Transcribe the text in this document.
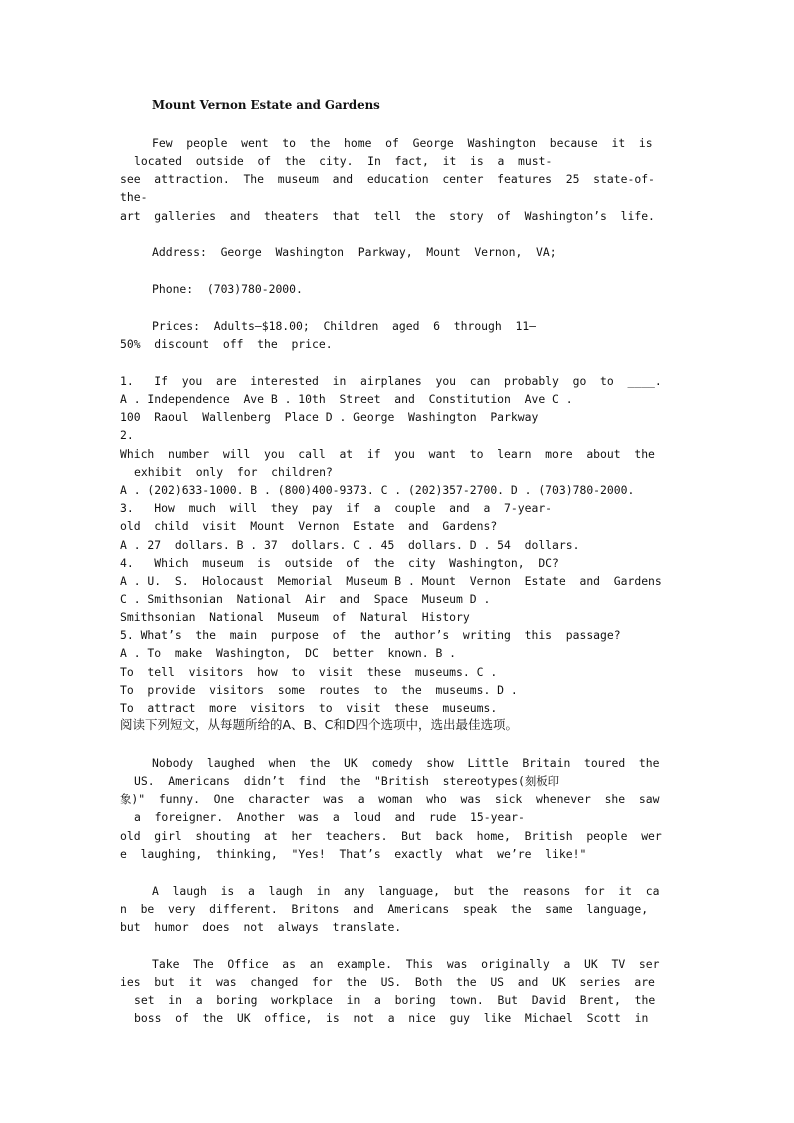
Mount Vernon Estate and Gardens

Few  people  went  to  the  home  of  George  Washington  because  it  is

located  outside  of  the  city.  In  fact,  it  is  a  must-

see  attraction.  The  museum  and  education  center  features  25  state-of-

the-

art  galleries  and  theaters  that  tell  the  story  of  Washington’s  life.

Address:  George  Washington  Parkway,  Mount  Vernon,  VA;

Phone:  (703)780-2000.

Prices:  Adults—$18.00;  Children  aged  6  through  11—

50%  discount  off  the  price.

1.   If  you  are  interested  in  airplanes  you  can  probably  go  to  ____.

A . Independence  Ave B . 10th  Street  and  Constitution  Ave C .

100  Raoul  Wallenberg  Place D . George  Washington  Parkway

2.

Which  number  will  you  call  at  if  you  want  to  learn  more  about  the

exhibit  only  for  children?

A . (202)633-1000. B . (800)400-9373. C . (202)357-2700. D . (703)780-2000.

3.   How  much  will  they  pay  if  a  couple  and  a  7-year-

old  child  visit  Mount  Vernon  Estate  and  Gardens?

A . 27  dollars. B . 37  dollars. C . 45  dollars. D . 54  dollars.

4.   Which  museum  is  outside  of  the  city  Washington,  DC?

A . U.  S.  Holocaust  Memorial  Museum B . Mount  Vernon  Estate  and  Gardens

C . Smithsonian  National  Air  and  Space  Museum D .

Smithsonian  National  Museum  of  Natural  History

5. What’s  the  main  purpose  of  the  author’s  writing  this  passage?

A . To  make  Washington,  DC  better  known. B .

To  tell  visitors  how  to  visit  these  museums. C .

To  provide  visitors  some  routes  to  the  museums. D .

To  attract  more  visitors  to  visit  these  museums.

阅读下列短文，从每题所给的A、B、C和D四个选项中，选出最佳选项。

Nobody  laughed  when  the  UK  comedy  show  Little  Britain  toured  the

US.  Americans  didn’t  find  the  "British  stereotypes(刻板印

象)"  funny.  One  character  was  a  woman  who  was  sick  whenever  she  saw

a  foreigner.  Another  was  a  loud  and  rude  15-year-

old  girl  shouting  at  her  teachers.  But  back  home,  British  people  wer

e  laughing,  thinking,  "Yes!  That’s  exactly  what  we’re  like!"

A  laugh  is  a  laugh  in  any  language,  but  the  reasons  for  it  ca

n  be  very  different.  Britons  and  Americans  speak  the  same  language,

but  humor  does  not  always  translate.

Take  The  Office  as  an  example.  This  was  originally  a  UK  TV  ser

ies  but  it  was  changed  for  the  US.  Both  the  US  and  UK  series  are

set  in  a  boring  workplace  in  a  boring  town.  But  David  Brent,  the

boss  of  the  UK  office,  is  not  a  nice  guy  like  Michael  Scott  in
